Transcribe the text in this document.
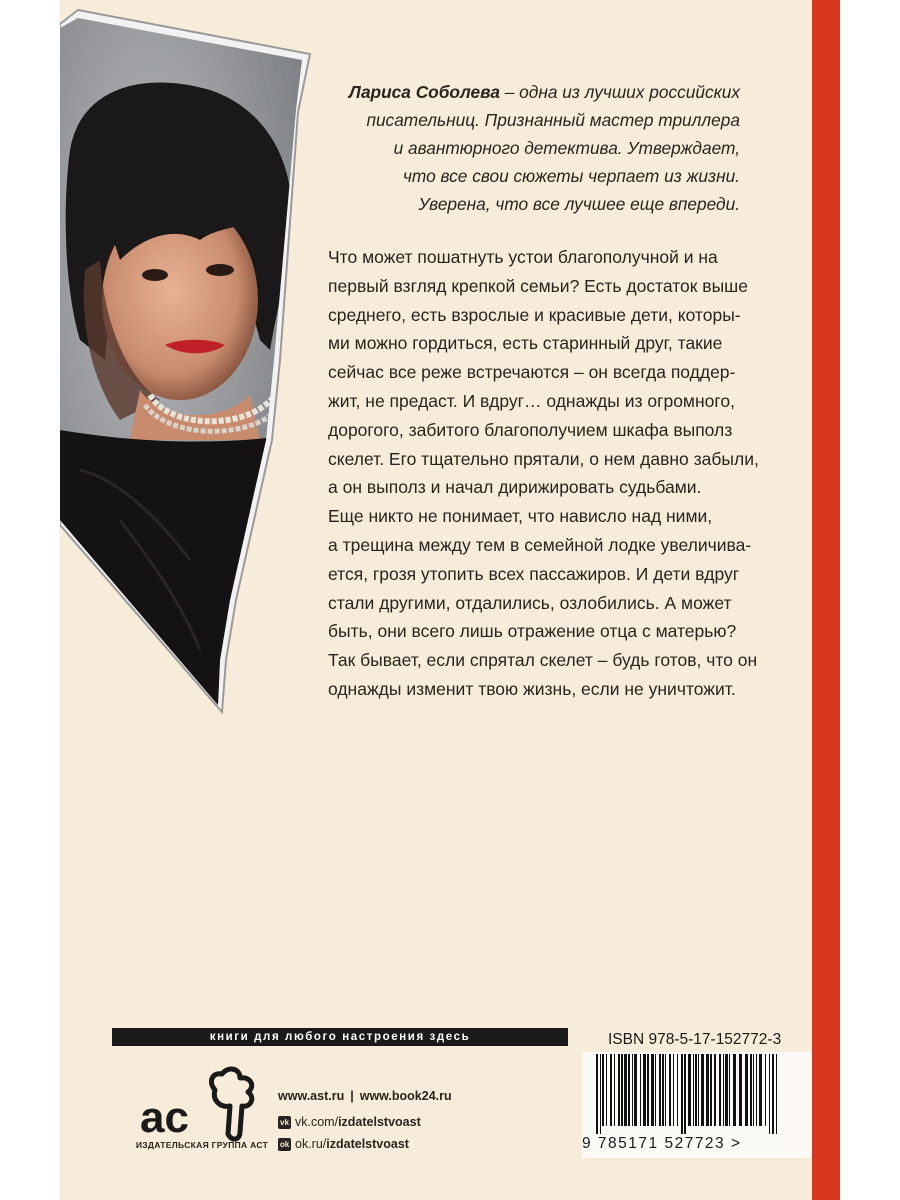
Лариса Соболева – одна из лучших российских
писательниц. Признанный мастер триллера
и авантюрного детектива. Утверждает,
что все свои сюжеты черпает из жизни.
Уверена, что все лучшее еще впереди.
Что может пошатнуть устои благополучной и на
первый взгляд крепкой семьи? Есть достаток выше
среднего, есть взрослые и красивые дети, которы-
ми можно гордиться, есть старинный друг, такие
сейчас все реже встречаются – он всегда поддер-
жит, не предаст. И вдруг… однажды из огромного,
дорогого, забитого благополучием шкафа выполз
скелет. Его тщательно прятали, о нем давно забыли,
а он выполз и начал дирижировать судьбами.
Еще никто не понимает, что нависло над ними,
а трещина между тем в семейной лодке увеличива-
ется, грозя утопить всех пассажиров. И дети вдруг
стали другими, отдалились, озлобились. А может
быть, они всего лишь отражение отца с матерью?
Так бывает, если спрятал скелет – будь готов, что он
однажды изменит твою жизнь, если не уничтожит.
книги для любого настроения здесь
ac
ИЗДАТЕЛЬСКАЯ ГРУППА АСТ
www.ast.ru | www.book24.ru
vk vk.com/izdatelstvoast
ok ok.ru/izdatelstvoast
ISBN 978-5-17-152772-3
9 785171 527723 >
